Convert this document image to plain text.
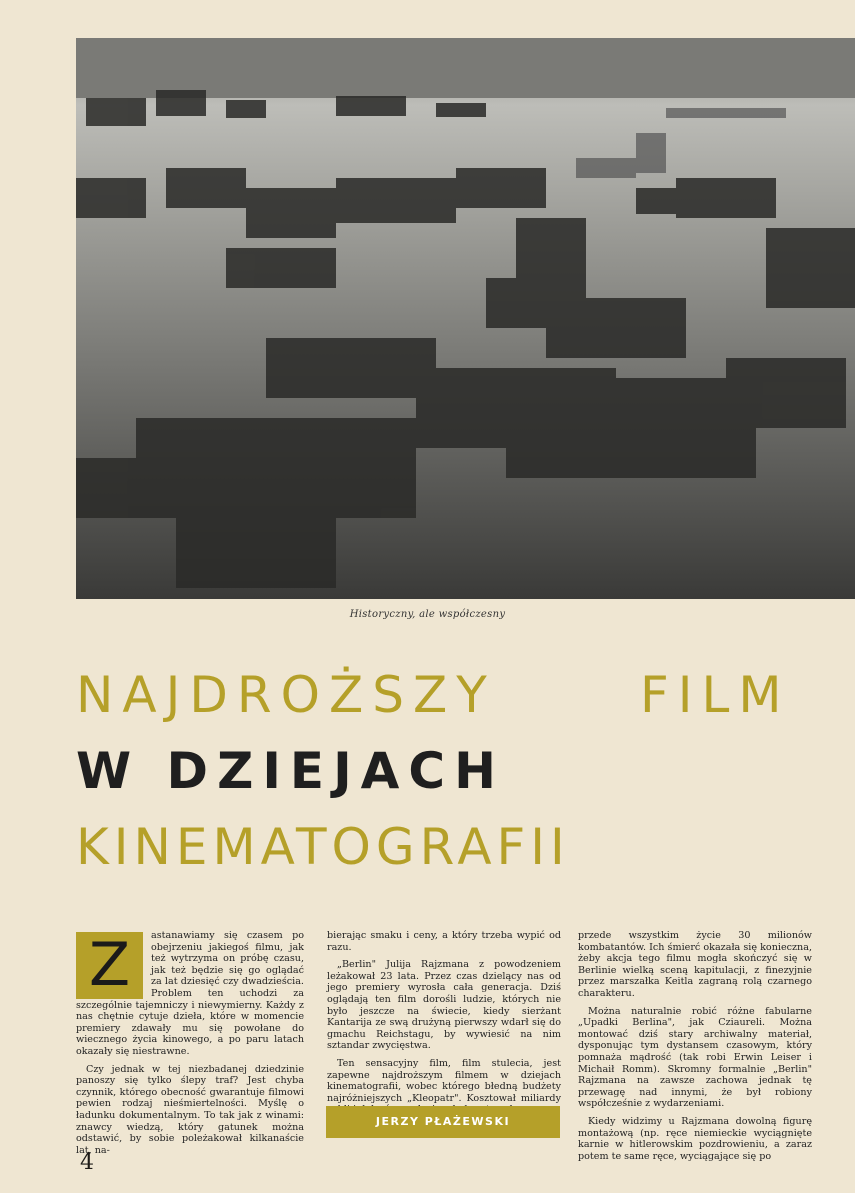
Historyczny, ale współczesny
NAJDROŻSZY	FILM
W DZIEJACH
KINEMATOGRAFII
Z	astanawiamy się czasem po obejrzeniu jakiegoś filmu, jak też wytrzyma on próbę czasu, jak też będzie się go oglądać za lat dziesięć czy dwadzieścia. Problem ten uchodzi za szczególnie tajemniczy i niewymierny. Każdy z nas chętnie cytuje dzieła, które w momencie premiery zdawały mu się powołane do wiecznego życia kinowego, a po paru latach okazały się niestrawne.

Czy jednak w tej niezbadanej dziedzinie panoszy się tylko ślepy traf? Jest chyba czynnik, którego obecność gwarantuje filmowi pewien rodzaj nieśmiertelności. Myślę o ładunku dokumentalnym. To tak jak z winami: znawcy wiedzą, który gatunek można odstawić, by sobie poleżakował kilkanaście lat, na-

bierając smaku i ceny, a który trzeba wypić od razu.

„Berlin" Julija Rajzmana z powodzeniem leżakował 23 lata. Przez czas dzielący nas od jego premiery wyrosła cała generacja. Dziś oglądają ten film dorośli ludzie, których nie było jeszcze na świecie, kiedy sierżant Kantarija ze swą drużyną pierwszy wdarł się do gmachu Reichstagu, by wywiesić na nim sztandar zwycięstwa.

Ten sensacyjny film, film stulecia, jest zapewne najdroższym filmem w dziejach kinematografii, wobec którego błedną budżety najróżniejszych „Kleopatr". Kosztował miliardy

JERZY PŁAŻEWSKI

przede wszystkim życie 30 milionów kombatantów. Ich śmierć okazała się konieczna, żeby akcja tego filmu mogła skończyć się w Berlinie wielką sceną kapitulacji, z finezyjnie przez marszałka Keitla zagraną rolą czarnego charakteru.

Można naturalnie robić różne fabularne „Upadki Berlina", jak Cziaureli. Można montować dziś stary archiwalny materiał, dysponując tym dystansem czasowym, który pomnaża mądrość (tak robi Erwin Leiser i Michaił Romm). Skromny formalnie „Berlin" Rajzmana na zawsze zachowa jednak tę przewagę nad innymi, że był robiony współcześnie z wydarzeniami.

Kiedy widzimy u Rajzmana dowolną figurę montażową (np. ręce niemieckie wyciągnięte karnie w hitlerowskim pozdrowieniu, a zaraz potem te same ręce, wyciągające się po

4
